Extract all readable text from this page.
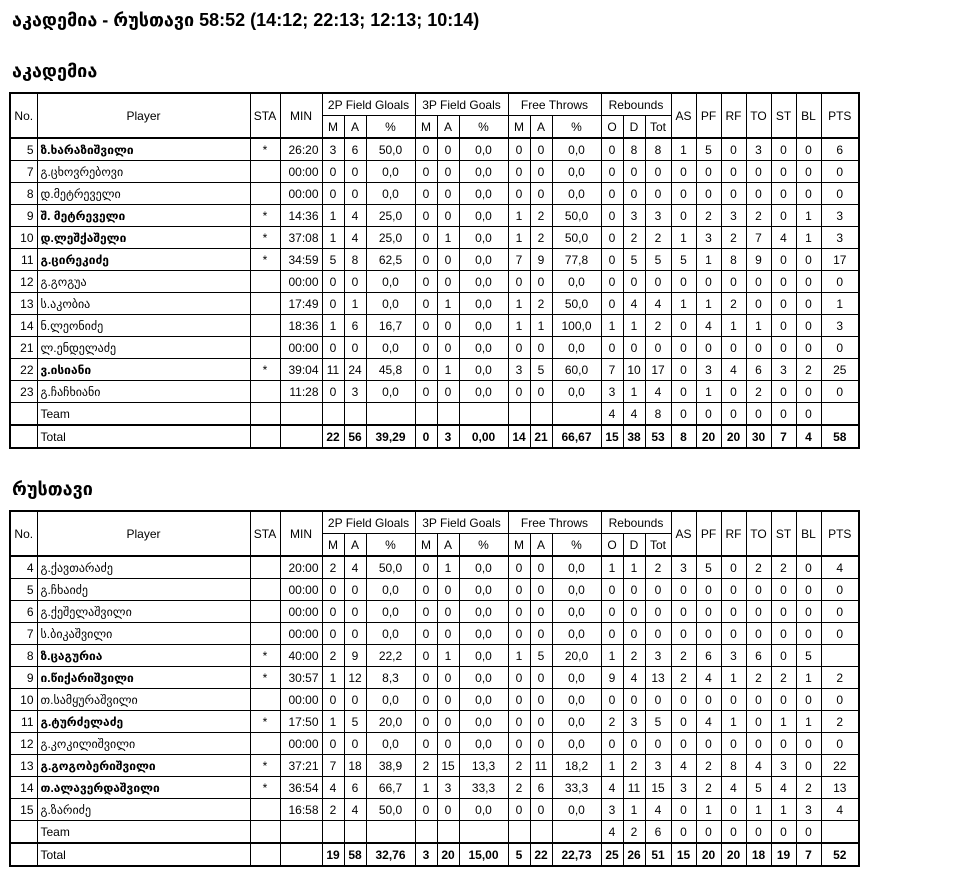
აკადემია - რუსთავი 58:52 (14:12; 22:13; 12:13; 10:14)
აკადემია
No.	Player	STA	MIN	2P Field Gloals			3P Field Goals			Free Throws			Rebounds			AS	PF	RF	TO	ST	BL	PTS
				M	A	%	M	A	%	M	A	%	O	D	Tot							
5	ზ.ხარაზიშვილი	*	26:20	3	6	50,0	0	0	0,0	0	0	0,0	0	8	8	1	5	0	3	0	0	6
7	გ.ცხოვრებოვი		00:00	0	0	0,0	0	0	0,0	0	0	0,0	0	0	0	0	0	0	0	0	0	0
8	დ.მეტრეველი		00:00	0	0	0,0	0	0	0,0	0	0	0,0	0	0	0	0	0	0	0	0	0	0
9	შ. მეტრეველი	*	14:36	1	4	25,0	0	0	0,0	1	2	50,0	0	3	3	0	2	3	2	0	1	3
10	დ.ლეშქაშელი	*	37:08	1	4	25,0	0	1	0,0	1	2	50,0	0	2	2	1	3	2	7	4	1	3
11	გ.ცირეკიძე	*	34:59	5	8	62,5	0	0	0,0	7	9	77,8	0	5	5	5	1	8	9	0	0	17
12	გ.გოგუა		00:00	0	0	0,0	0	0	0,0	0	0	0,0	0	0	0	0	0	0	0	0	0	0
13	ს.აკობია		17:49	0	1	0,0	0	1	0,0	1	2	50,0	0	4	4	1	1	2	0	0	0	1
14	ნ.ლეონიძე		18:36	1	6	16,7	0	0	0,0	1	1	100,0	1	1	2	0	4	1	1	0	0	3
21	ლ.ენდელაძე		00:00	0	0	0,0	0	0	0,0	0	0	0,0	0	0	0	0	0	0	0	0	0	0
22	ვ.ისიანი	*	39:04	11	24	45,8	0	1	0,0	3	5	60,0	7	10	17	0	3	4	6	3	2	25
23	გ.ჩაჩხიანი		11:28	0	3	0,0	0	0	0,0	0	0	0,0	3	1	4	0	1	0	2	0	0	0
	Team												4	4	8	0	0	0	0	0	0	
	Total			22	56	39,29	0	3	0,00	14	21	66,67	15	38	53	8	20	20	30	7	4	58
რუსთავი
No.	Player	STA	MIN	2P Field Gloals			3P Field Goals			Free Throws			Rebounds			AS	PF	RF	TO	ST	BL	PTS
				M	A	%	M	A	%	M	A	%	O	D	Tot							
4	გ.ქავთარაძე		20:00	2	4	50,0	0	1	0,0	0	0	0,0	1	1	2	3	5	0	2	2	0	4
5	გ.ჩხაიძე		00:00	0	0	0,0	0	0	0,0	0	0	0,0	0	0	0	0	0	0	0	0	0	0
6	გ.ქეშელაშვილი		00:00	0	0	0,0	0	0	0,0	0	0	0,0	0	0	0	0	0	0	0	0	0	0
7	ს.ბიკაშვილი		00:00	0	0	0,0	0	0	0,0	0	0	0,0	0	0	0	0	0	0	0	0	0	0
8	ზ.ცაგურია	*	40:00	2	9	22,2	0	1	0,0	1	5	20,0	1	2	3	2	6	3	6	0	5	
9	ი.წიქარიშვილი	*	30:57	1	12	8,3	0	0	0,0	0	0	0,0	9	4	13	2	4	1	2	2	1	2
10	თ.სამყურაშვილი		00:00	0	0	0,0	0	0	0,0	0	0	0,0	0	0	0	0	0	0	0	0	0	0
11	გ.ტურძელაძე	*	17:50	1	5	20,0	0	0	0,0	0	0	0,0	2	3	5	0	4	1	0	1	1	2
12	გ.კოკილიშვილი		00:00	0	0	0,0	0	0	0,0	0	0	0,0	0	0	0	0	0	0	0	0	0	0
13	გ.გოგობერიშვილი	*	37:21	7	18	38,9	2	15	13,3	2	11	18,2	1	2	3	4	2	8	4	3	0	22
14	თ.ალავერდაშვილი	*	36:54	4	6	66,7	1	3	33,3	2	6	33,3	4	11	15	3	2	4	5	4	2	13
15	გ.ზარიძე		16:58	2	4	50,0	0	0	0,0	0	0	0,0	3	1	4	0	1	0	1	1	3	4
	Team												4	2	6	0	0	0	0	0	0	
	Total			19	58	32,76	3	20	15,00	5	22	22,73	25	26	51	15	20	20	18	19	7	52
